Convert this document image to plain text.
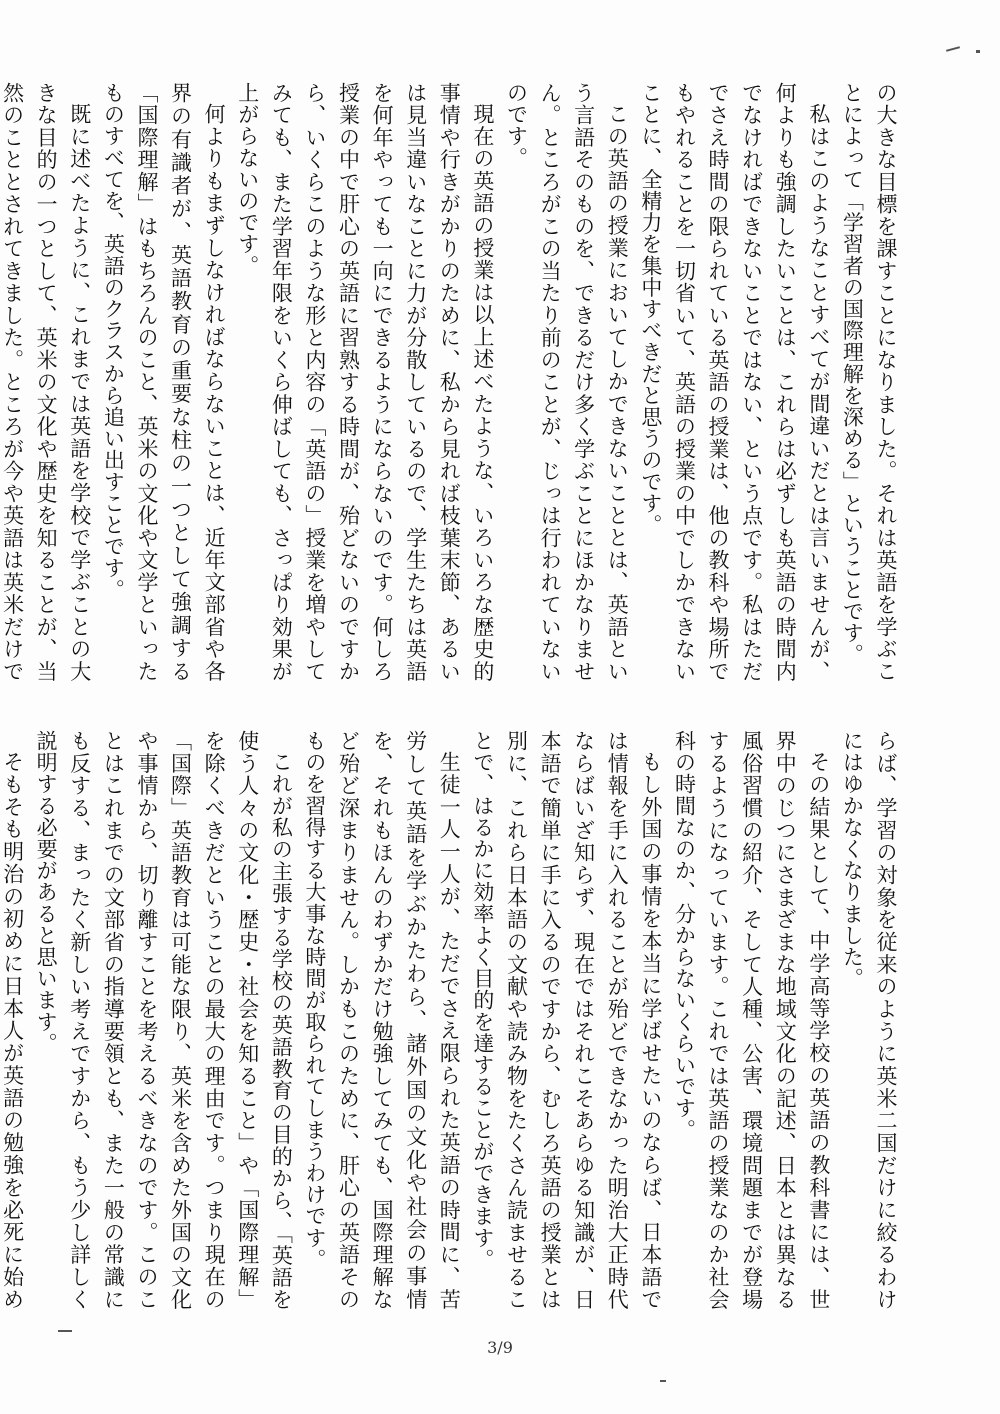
の大きな目標を課すことになりました。それは英語を学ぶことによって「学習者の国際理解を深める」ということです。

私はこのようなことすべてが間違いだとは言いませんが、何よりも強調したいことは、これらは必ずしも英語の時間内でなければできないことではない、という点です。私はただでさえ時間の限られている英語の授業は、他の教科や場所でもやれることを一切省いて、英語の授業の中でしかできないことに、全精力を集中すべきだと思うのです。

この英語の授業においてしかできないこととは、英語という言語そのものを、できるだけ多く学ぶことにほかなりません。ところがこの当たり前のことが、じっは行われていないのです。

現在の英語の授業は以上述べたような、いろいろな歴史的事情や行きがかりのために、私から見れば枝葉末節、あるいは見当違いなことに力が分散しているので、学生たちは英語を何年やっても一向にできるようにならないのです。何しろ授業の中で肝心の英語に習熟する時間が、殆どないのですから、いくらこのような形と内容の「英語の」授業を増やしてみても、また学習年限をいくら伸ばしても、さっぱり効果が上がらないのです。

何よりもまずしなければならないことは、近年文部省や各界の有識者が、英語教育の重要な柱の一つとして強調する「国際理解」はもちろんのこと、英米の文化や文学といったものすべてを、英語のクラスから追い出すことです。

既に述べたように、これまでは英語を学校で学ぶことの大きな目的の一つとして、英米の文化や歴史を知ることが、当然のこととされてきました。ところが今や英語は英米だけで

らば、学習の対象を従来のように英米二国だけに絞るわけにはゆかなくなりました。

その結果として、中学高等学校の英語の教科書には、世界中のじつにさまざまな地域文化の記述、日本とは異なる風俗習慣の紹介、そして人種、公害、環境問題までが登場するようになっています。これでは英語の授業なのか社会科の時間なのか、分からないくらいです。

もし外国の事情を本当に学ばせたいのならば、日本語では情報を手に入れることが殆どできなかった明治大正時代ならばいざ知らず、現在ではそれこそあらゆる知識が、日本語で簡単に手に入るのですから、むしろ英語の授業とは別に、これら日本語の文献や読み物をたくさん読ませることで、はるかに効率よく目的を達することができます。

生徒一人一人が、ただでさえ限られた英語の時間に、苦労して英語を学ぶかたわら、諸外国の文化や社会の事情を、それもほんのわずかだけ勉強してみても、国際理解など殆ど深まりません。しかもこのために、肝心の英語そのものを習得する大事な時間が取られてしまうわけです。

これが私の主張する学校の英語教育の目的から、「英語を使う人々の文化・歴史・社会を知ること」や「国際理解」を除くべきだということの最大の理由です。つまり現在の「国際」英語教育は可能な限り、英米を含めた外国の文化や事情から、切り離すことを考えるべきなのです。このことはこれまでの文部省の指導要領とも、また一般の常識にも反する、まったく新しい考えですから、もう少し詳しく説明する必要があると思います。

そもそも明治の初めに日本人が英語の勉強を必死に始め

3/9
